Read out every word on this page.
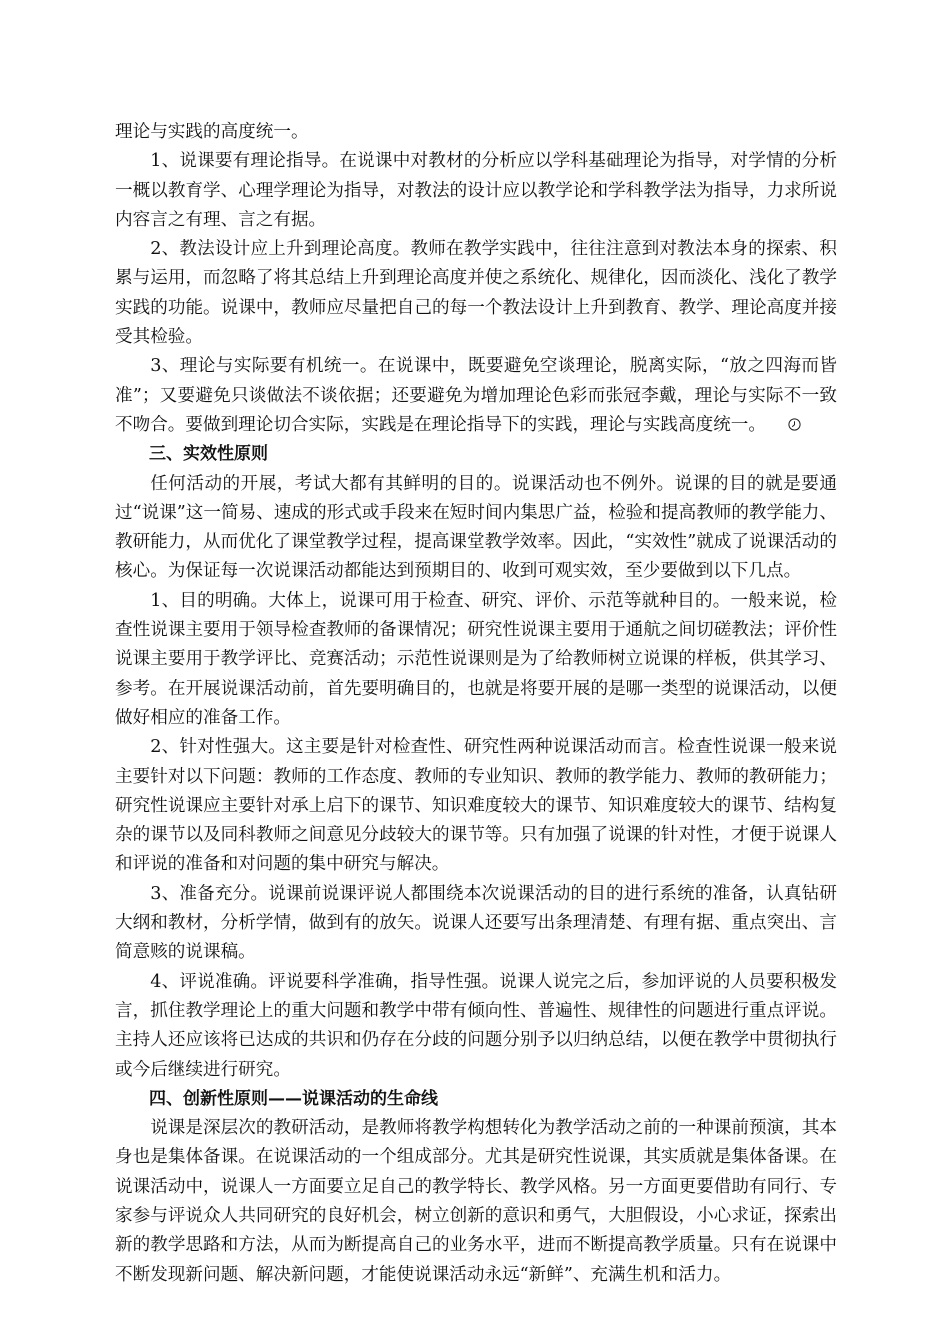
理论与实践的高度统一。

1、说课要有理论指导。在说课中对教材的分析应以学科基础理论为指导，对学情的分析一概以教育学、心理学理论为指导，对教法的设计应以教学论和学科教学法为指导，力求所说内容言之有理、言之有据。

2、教法设计应上升到理论高度。教师在教学实践中，往往注意到对教法本身的探索、积累与运用，而忽略了将其总结上升到理论高度并使之系统化、规律化，因而淡化、浅化了教学实践的功能。说课中，教师应尽量把自己的每一个教法设计上升到教育、教学、理论高度并接受其检验。

3、理论与实际要有机统一。在说课中，既要避免空谈理论，脱离实际，“放之四海而皆准”；又要避免只谈做法不谈依据；还要避免为增加理论色彩而张冠李戴，理论与实际不一致不吻合。要做到理论切合实际，实践是在理论指导下的实践，理论与实践高度统一。

三、实效性原则

任何活动的开展，考试大都有其鲜明的目的。说课活动也不例外。说课的目的就是要通过“说课”这一简易、速成的形式或手段来在短时间内集思广益，检验和提高教师的教学能力、教研能力，从而优化了课堂教学过程，提高课堂教学效率。因此，“实效性”就成了说课活动的核心。为保证每一次说课活动都能达到预期目的、收到可观实效，至少要做到以下几点。

1、目的明确。大体上，说课可用于检查、研究、评价、示范等就种目的。一般来说，检查性说课主要用于领导检查教师的备课情况；研究性说课主要用于通航之间切磋教法；评价性说课主要用于教学评比、竞赛活动；示范性说课则是为了给教师树立说课的样板，供其学习、参考。在开展说课活动前，首先要明确目的，也就是将要开展的是哪一类型的说课活动，以便做好相应的准备工作。

2、针对性强大。这主要是针对检查性、研究性两种说课活动而言。检查性说课一般来说主要针对以下问题：教师的工作态度、教师的专业知识、教师的教学能力、教师的教研能力；研究性说课应主要针对承上启下的课节、知识难度较大的课节、知识难度较大的课节、结构复杂的课节以及同科教师之间意见分歧较大的课节等。只有加强了说课的针对性，才便于说课人和评说的准备和对问题的集中研究与解决。

3、准备充分。说课前说课评说人都围绕本次说课活动的目的进行系统的准备，认真钻研大纲和教材，分析学情，做到有的放矢。说课人还要写出条理清楚、有理有据、重点突出、言简意赅的说课稿。

4、评说准确。评说要科学准确，指导性强。说课人说完之后，参加评说的人员要积极发言，抓住教学理论上的重大问题和教学中带有倾向性、普遍性、规律性的问题进行重点评说。主持人还应该将已达成的共识和仍存在分歧的问题分别予以归纳总结，以便在教学中贯彻执行或今后继续进行研究。

四、创新性原则——说课活动的生命线

说课是深层次的教研活动，是教师将教学构想转化为教学活动之前的一种课前预演，其本身也是集体备课。在说课活动的一个组成部分。尤其是研究性说课，其实质就是集体备课。在说课活动中，说课人一方面要立足自己的教学特长、教学风格。另一方面更要借助有同行、专家参与评说众人共同研究的良好机会，树立创新的意识和勇气，大胆假设，小心求证，探索出新的教学思路和方法，从而为断提高自己的业务水平，进而不断提高教学质量。只有在说课中不断发现新问题、解决新问题，才能使说课活动永远“新鲜”、充满生机和活力。
